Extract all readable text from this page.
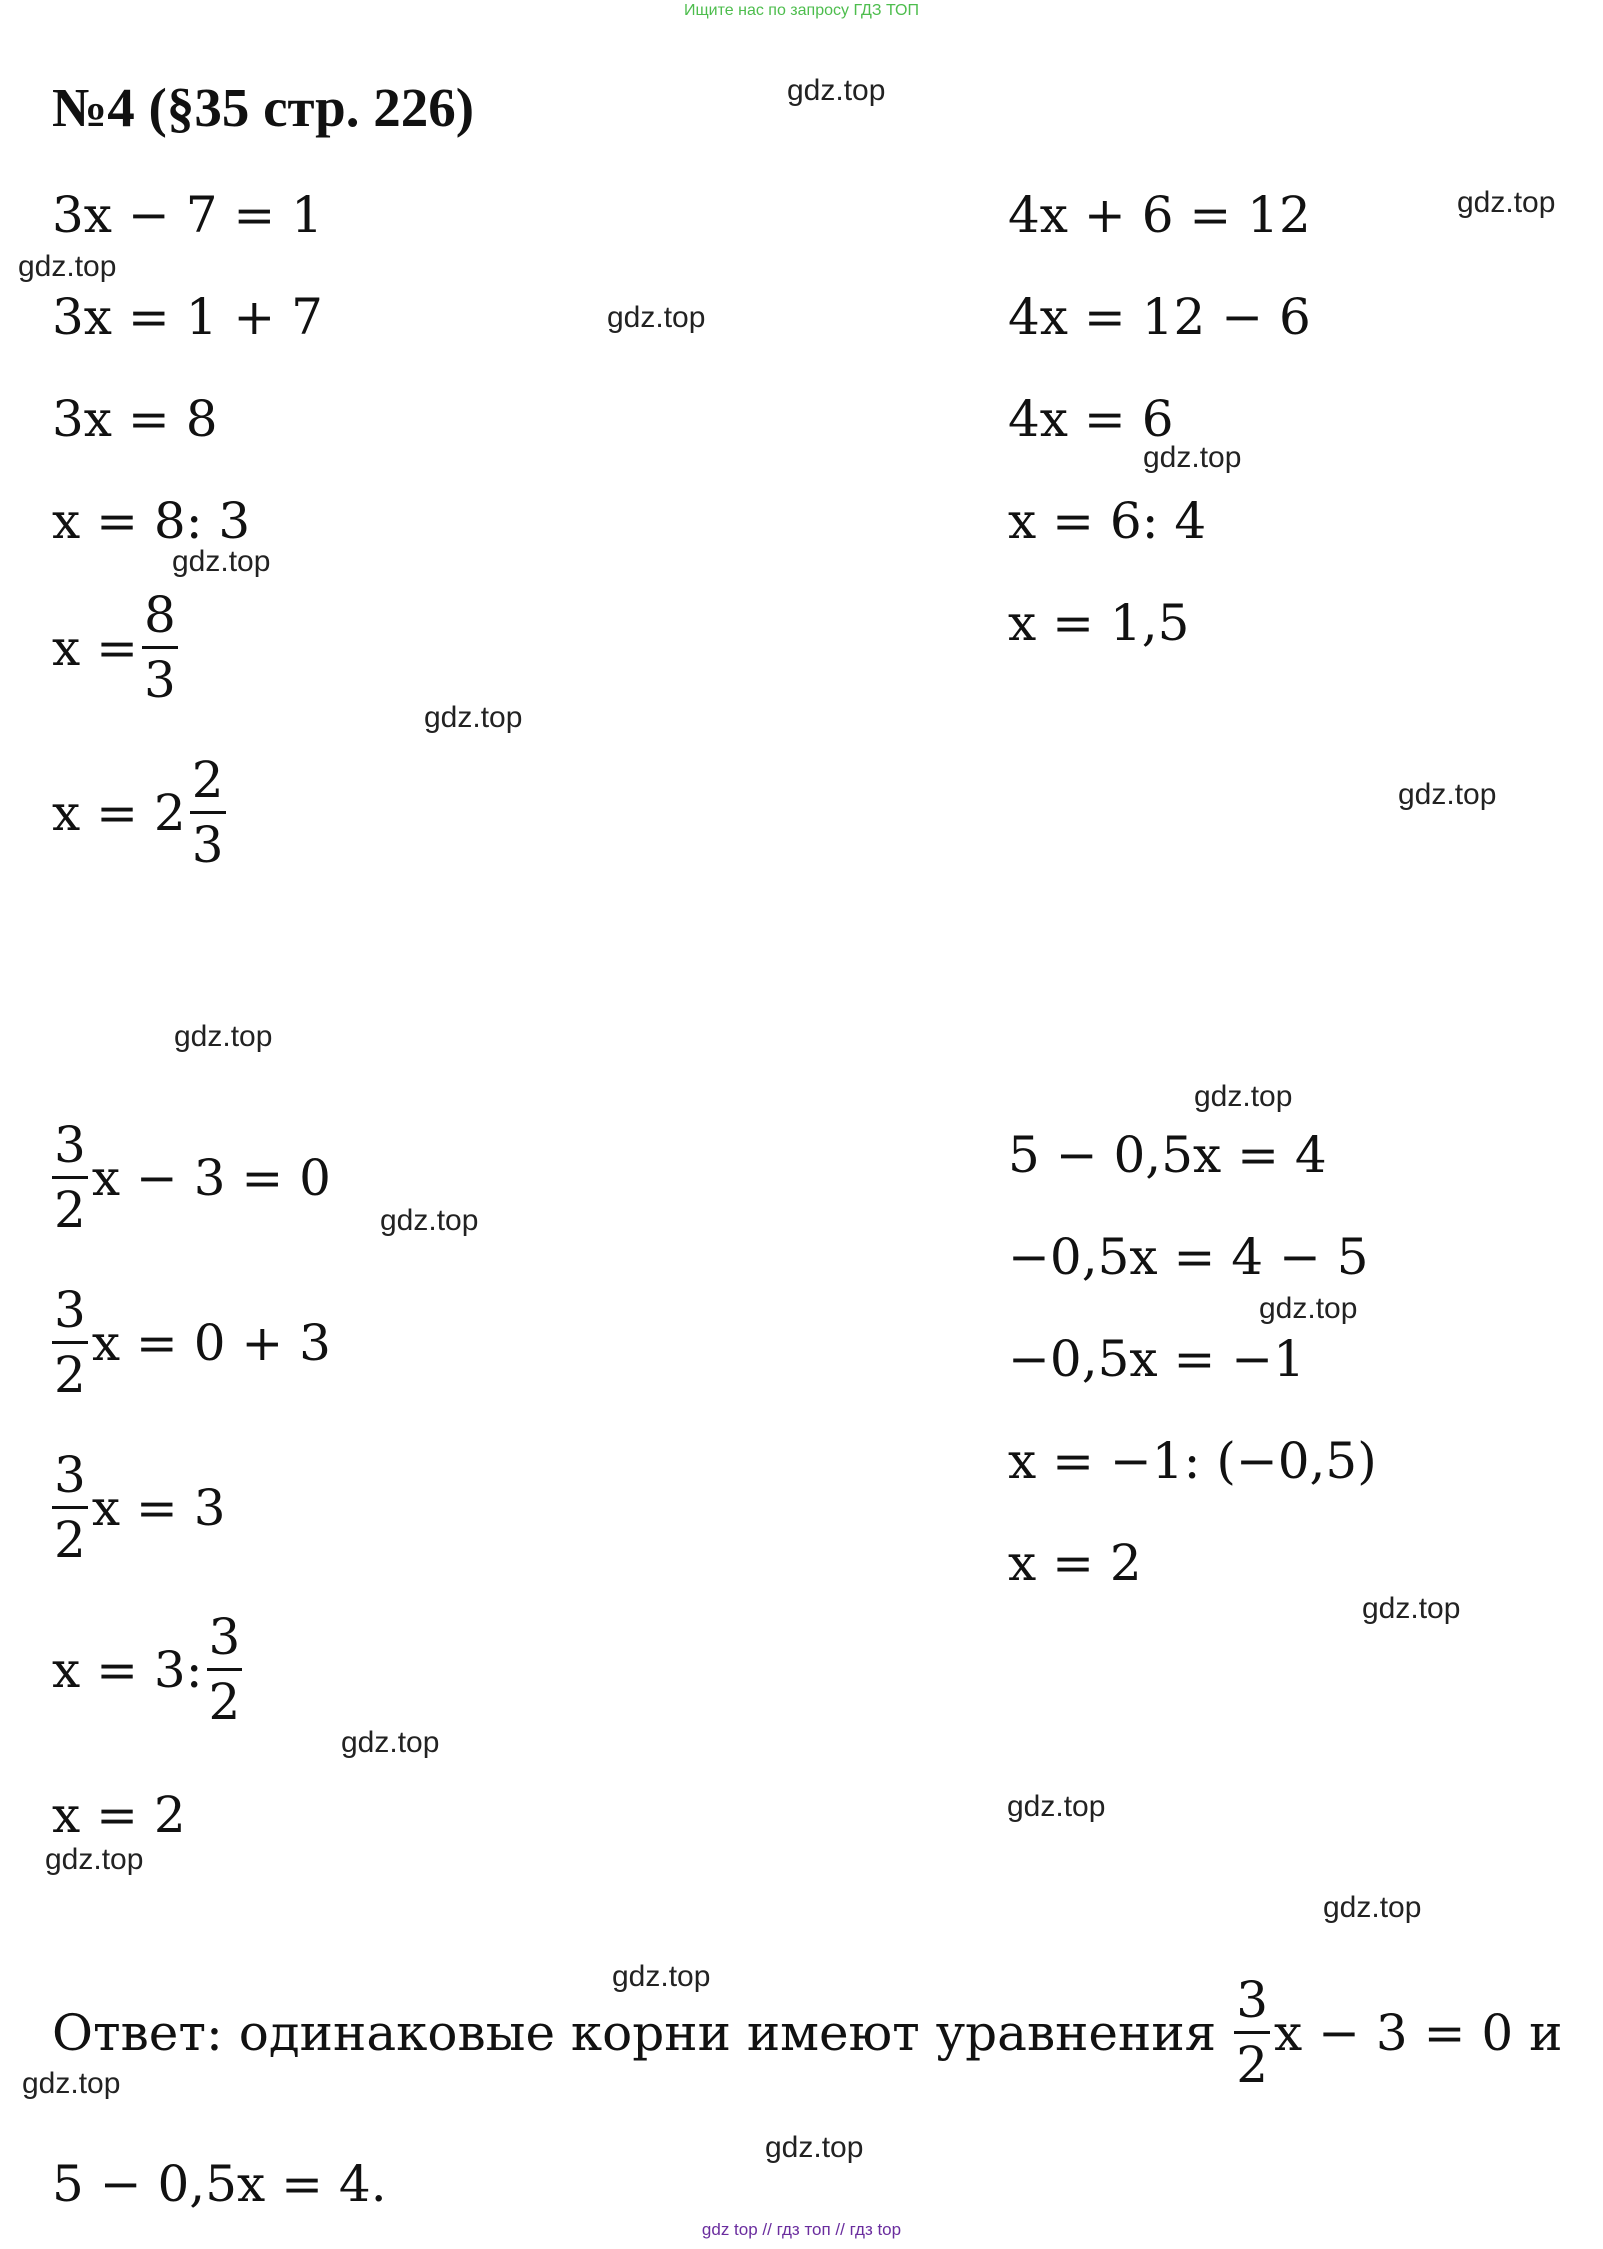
Ищите нас по запросу ГДЗ ТОП
№4 (§35 стр. 226)
3x − 7 = 1
3x = 1 + 7
3x = 8
x = 8: 3
$x = \frac{8}{3}$
$x = 2 \frac{2}{3}$
4x + 6 = 12
4x = 12 − 6
4x = 6
x = 6: 4
x = 1,5
$\frac{3}{2}$ x − 3 = 0
$\frac{3}{2}$ x = 0 + 3
$\frac{3}{2}$ x = 3
x = 3: $\frac{3}{2}$
x = 2
5 − 0,5x = 4
−0,5x = 4 − 5
−0,5x = −1
x = −1: (−0,5)
x = 2
Ответ: одинаковые корни имеют уравнения $\frac{3}{2}$ x − 3 = 0 и
5 − 0,5x = 4.
gdz.top
gdz.top
gdz.top
gdz.top
gdz.top
gdz.top
gdz.top
gdz.top
gdz.top
gdz.top
gdz.top
gdz.top
gdz.top
gdz.top
gdz.top
gdz.top
gdz.top
gdz.top
gdz.top
gdz.top
gdz top // гдз топ // гдз top
